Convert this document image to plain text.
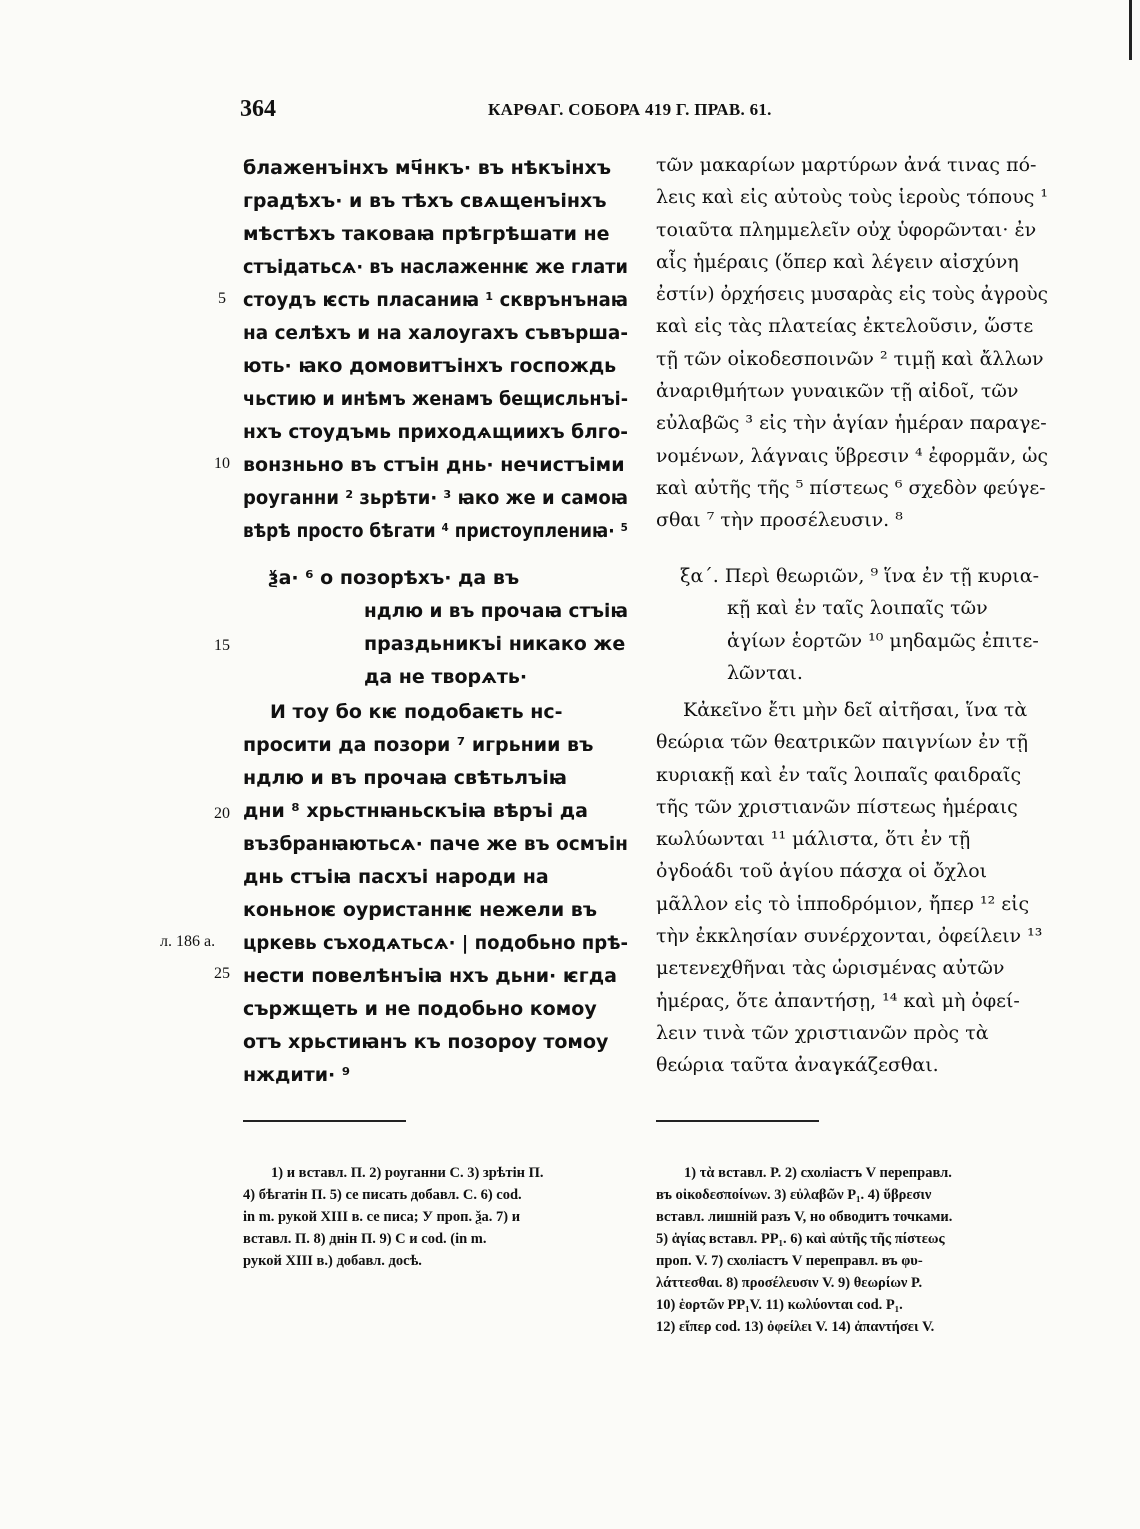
364	КАРѲАГ. СОБОРА 419 Г. ПРАВ. 61.
блаженъінхъ мч҃нкъ· въ нѣкъінхъ
градѣхъ· и въ тѣхъ свѧщенъінхъ
мѣстѣхъ таковаꙗ прѣгрѣшати не
стъідатьсѧ· въ наслаженнѥ же глати
стоудъ ѥсть пласаниꙗ ¹ скврънънаꙗ
на селѣхъ и на халоугахъ съвършa-
ють· ꙗко домовитъінхъ госпождь
чьстию и инѣмъ женамъ бещисльнъі-
нхъ стоудъмь приходѧщиихъ блго-
вонзньно въ стъін днь· нечистъіми
роуганни ² зьрѣти· ³ ꙗко же и самоꙗ
вѣрѣ просто бѣгати ⁴ пристоуплениꙗ· ⁵
ѯа· ⁶ о позорѣхъ· да въ
ндлю и въ прочаꙗ стъіꙗ
праздьникъі никако же
да не творѧть·
И тоу бо кѥ подобаѥть нс-
просити да позори ⁷ игрьнии въ
ндлю и въ прочаꙗ свѣтьлъіꙗ
дни ⁸ хрьстнꙗньскъіꙗ вѣръі да
възбранꙗютьсѧ· паче же въ осмъін
днь стъіꙗ пасхъі народи на
коньноѥ оуристаннѥ нежели въ
цркевь съходѧтьсѧ· | подобьно прѣ-
нести повелѣнъіꙗ нхъ дьни· ѥгда
сържщеть и не подобьно комоу
отъ хрьстиꙗнъ къ позороу томоу
нждити· ⁹
5
10
15
20
л. 186 а.
25
τῶν μακαρίων μαρτύρων ἀνά τινας πό-
λεις καὶ εἰς αὐτοὺς τοὺς ἱεροὺς τόπους ¹
τοιαῦτα πλημμελεῖν οὐχ ὑφορῶνται· ἐν
αἷς ἡμέραις (ὅπερ καὶ λέγειν αἰσχύνη
ἐστίν) ὀρχήσεις μυσαρὰς εἰς τοὺς ἀγροὺς
καὶ εἰς τὰς πλατείας ἐκτελοῦσιν, ὥστε
τῇ τῶν οἰκοδεσποινῶν ² τιμῇ καὶ ἄλλων
ἀναριθμήτων γυναικῶν τῇ αἰδοῖ, τῶν
εὐλαβῶς ³ εἰς τὴν ἁγίαν ἡμέραν παραγε-
νομένων, λάγναις ὕβρεσιν ⁴ ἐφορμᾶν, ὡς
καὶ αὐτῆς τῆς ⁵ πίστεως ⁶ σχεδὸν φεύγε-
σθαι ⁷ τὴν προσέλευσιν. ⁸
ξα΄. Περὶ θεωριῶν, ⁹ ἵνα ἐν τῇ κυρια-
κῇ καὶ ἐν ταῖς λοιπαῖς τῶν
ἁγίων ἑορτῶν ¹⁰ μηδαμῶς ἐπιτε-
λῶνται.
Κἀκεῖνο ἔτι μὴν δεῖ αἰτῆσαι, ἵνα τὰ
θεώρια τῶν θεατρικῶν παιγνίων ἐν τῇ
κυριακῇ καὶ ἐν ταῖς λοιπαῖς φαιδραῖς
τῆς τῶν χριστιανῶν πίστεως ἡμέραις
κωλύωνται ¹¹ μάλιστα, ὅτι ἐν τῇ
ὀγδοάδι τοῦ ἁγίου πάσχα οἱ ὄχλοι
μᾶλλον εἰς τὸ ἱπποδρόμιον, ἤπερ ¹² εἰς
τὴν ἐκκλησίαν συνέρχονται, ὀφείλειν ¹³
μετενεχθῆναι τὰς ὡρισμένας αὐτῶν
ἡμέρας, ὅτε ἀπαντήσῃ, ¹⁴ καὶ μὴ ὀφεί-
λειν τινὰ τῶν χριστιανῶν πρὸς τὰ
θεώρια ταῦτα ἀναγκάζεσθαι.
1) и вставл. П. 2) роуганни С. 3) зрѣтін П.
4) бѣгатін П. 5) се писать добавл. С. 6) cod.
in m. рукой XIII в. се пиcа; У проп. ѯа. 7) и
вставл. П. 8) днін П. 9) С и cod. (in m.
рукой XIII в.) добавл. досѣ.
1) τὰ вставл. P. 2) схоліастъ V переправл.
въ οἰκοδεσποίνων. 3) εὐλαβῶν P₁. 4) ὕβρεσιν
вставл. лишній разъ V, но обводитъ точками.
5) ἁγίας вставл. PP₁. 6) καὶ αὐτῆς τῆς πίστεως
проп. V. 7) схоліастъ V переправл. въ φυ-
λάττεσθαι. 8) προσέλευσιν V. 9) θεωρίων P.
10) ἑορτῶν PP₁V. 11) κωλύονται cod. P₁.
12) εἴπερ cod. 13) ὀφείλει V. 14) ἀπαντήσει V.
